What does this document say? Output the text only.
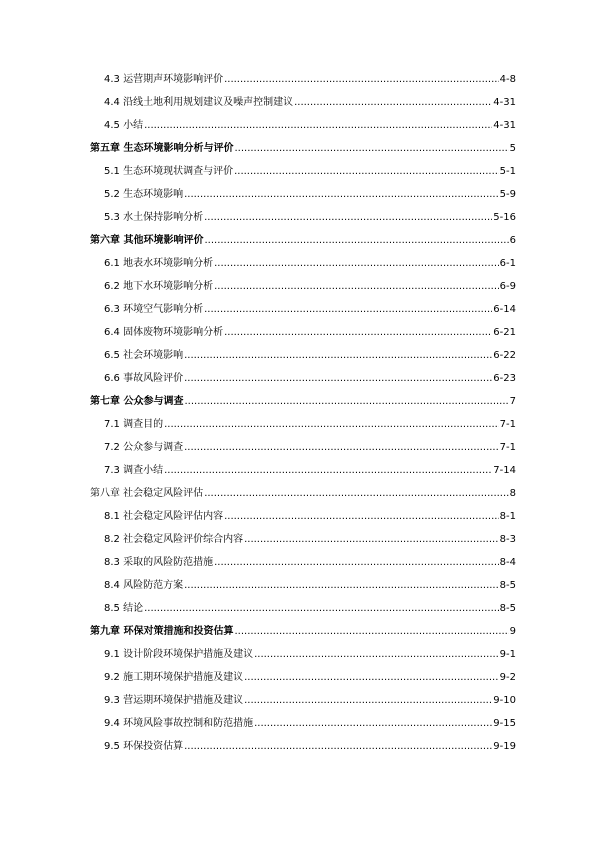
4.3 运营期声环境影响评价 .....	4-8
4.4 沿线土地利用规划建议及噪声控制建议 .....	4-31
4.5 小结 .....	4-31
第五章 生态环境影响分析与评价 .....	5
5.1 生态环境现状调查与评价 .....	5-1
5.2 生态环境影响 .....	5-9
5.3 水土保持影响分析 .....	5-16
第六章 其他环境影响评价 .....	6
6.1 地表水环境影响分析 .....	6-1
6.2 地下水环境影响分析 .....	6-9
6.3 环境空气影响分析 .....	6-14
6.4 固体废物环境影响分析 .....	6-21
6.5 社会环境影响 .....	6-22
6.6 事故风险评价 .....	6-23
第七章 公众参与调查 .....	7
7.1 调查目的 .....	7-1
7.2 公众参与调查 .....	7-1
7.3 调查小结 .....	7-14
第八章 社会稳定风险评估 .....	8
8.1 社会稳定风险评估内容 .....	8-1
8.2 社会稳定风险评价综合内容 .....	8-3
8.3 采取的风险防范措施 .....	8-4
8.4 风险防范方案 .....	8-5
8.5 结论 .....	8-5
第九章 环保对策措施和投资估算 .....	9
9.1 设计阶段环境保护措施及建议 .....	9-1
9.2 施工期环境保护措施及建议 .....	9-2
9.3 营运期环境保护措施及建议 .....	9-10
9.4 环境风险事故控制和防范措施 .....	9-15
9.5 环保投资估算 .....	9-19
